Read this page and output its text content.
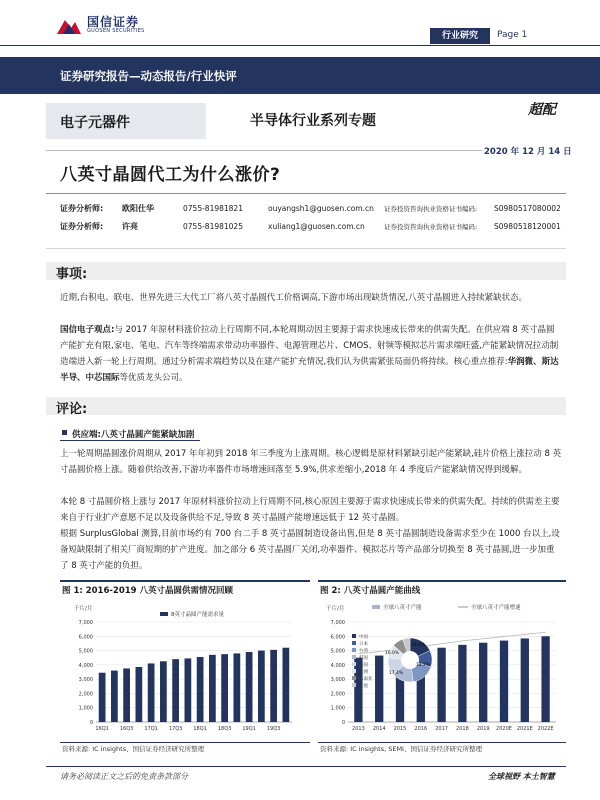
国信证券
GUOSEN SECURITIES	行业研究	Page 1
证券研究报告—动态报告/行业快评
电子元器件	半导体行业系列专题
超配
2020 年 12 月 14 日
八英寸晶圆代工为什么涨价?
证券分析师: 欧阳仕华	0755-81981821	ouyangsh1@guosen.com.cn 证券投资咨询执业资格证书编码: S0980517080002
证券分析师: 许亮	0755-81981025	xuliang1@guosen.com.cn	证券投资咨询执业资格证书编码: S0980518120001
事项:
近期,台积电、联电、世界先进三大代工厂将八英寸晶圆代工价格调高,下游市场出现缺货情况,八英寸晶圆进入持续紧缺状态。
国信电子观点:与 2017 年原材料涨价拉动上行周期不同,本轮周期动因主要源于需求快速成长带来的供需失配。在供应端 8 英寸晶圆产能扩充有限,家电、笔电、汽车等终端需求带动功率器件、电源管理芯片、CMOS、射频等模拟芯片需求端旺盛,产能紧缺情况拉动制造端进入新一轮上行周期。通过分析需求端趋势以及在建产能扩充情况,我们认为供需紧张局面仍将持续。核心重点推荐:华润微、斯达半导、中芯国际等优质龙头公司。
评论:
供应端:八英寸晶圆产能紧缺加剧
上一轮周期晶圆涨价周期从 2017 年年初到 2018 年三季度为上涨周期。核心逻辑是原材料紧缺引起产能紧缺,硅片价格上涨拉动 8 英寸晶圆价格上涨。随着供给改善,下游功率器件市场增速回落至 5.9%,供求差缩小,2018 年 4 季度后产能紧缺情况得到缓解。
本轮 8 寸晶圆价格上涨与 2017 年原材料涨价拉动上行周期不同,核心原因主要源于需求快速成长带来的供需失配。持续的供需差主要来自于行业扩产意愿不足以及设备供给不足,导致 8 英寸晶圆产能增速远低于 12 英寸晶圆。
根据 SurplusGlobal 测算,目前市场约有 700 台二手 8 英寸晶圆制造设备出售,但是 8 英寸晶圆制造设备需求至少在 1000 台以上,设备短缺限制了相关厂商短期的扩产进度。加之部分 6 英寸晶圆厂关闭,功率器件、模拟芯片等产品部分切换至 8 英寸晶圆,进一步加重了 8 英寸产能的负担。
图 1: 2016-2019 八英寸晶圆供需情况回顾
千片/月
8英寸晶圆产能需求量
0
1,000
2,000
3,000
4,000
5,000
6,000
7,000
16Q1 16Q3 17Q1 17Q3 18Q1 18Q3 19Q1 19Q3
资料来源: IC insights、国信证券经济研究所整理
图 2: 八英寸晶圆产能曲线
千片/月	全球八英寸产能	全球八英寸产能增速
0
1,000
2,000
3,000
4,000
5,000
6,000
7,000
2013 2014 2015 2016 2017 2018 2019 2020E 2021E 2022E
18.0%
12.2%
17.4%
16.0%
中国
日本
台湾
韩国
美国
欧洲
东南亚
其他
资料来源: IC insights, SEMI、国信证券经济研究所整理
请务必阅读正文之后的免责条款部分	全球视野 本土智慧
